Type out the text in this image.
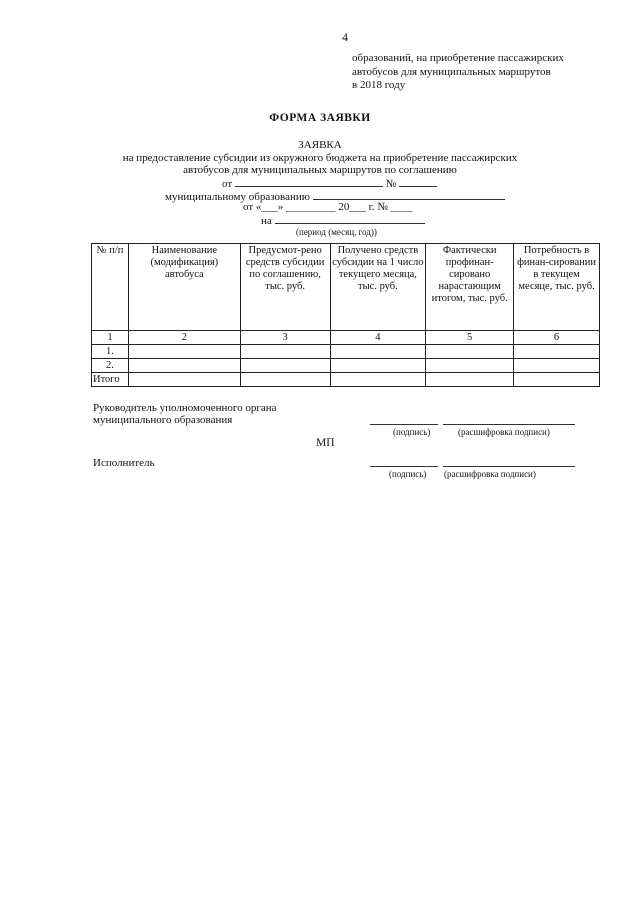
4
образований, на приобретение пассажирских
автобусов для муниципальных маршрутов
в 2018 году
ФОРМА ЗАЯВКИ
ЗАЯВКА
на предоставление субсидии из окружного бюджета на приобретение пассажирских
автобусов для муниципальных маршрутов по соглашению
от	№
муниципальному образованию
от «___» _________ 20___ г. № ____
на
(период (месяц, год))
№ п/п	Наименование (модификация) автобуса	Предусмот-рено средств субсидии по соглашению, тыс. руб.	Получено средств субсидии на 1 число текущего месяца, тыс. руб.	Фактически профинан-сировано нарастающим итогом, тыс. руб.	Потребность в финан-сировании в текущем месяце, тыс. руб.
1	2	3	4	5	6
1.					
2.					
Итого					
Руководитель уполномоченного органа
муниципального образования
(подпись)	(расшифровка подписи)
МП
Исполнитель
(подпись) (расшифровка подписи)
